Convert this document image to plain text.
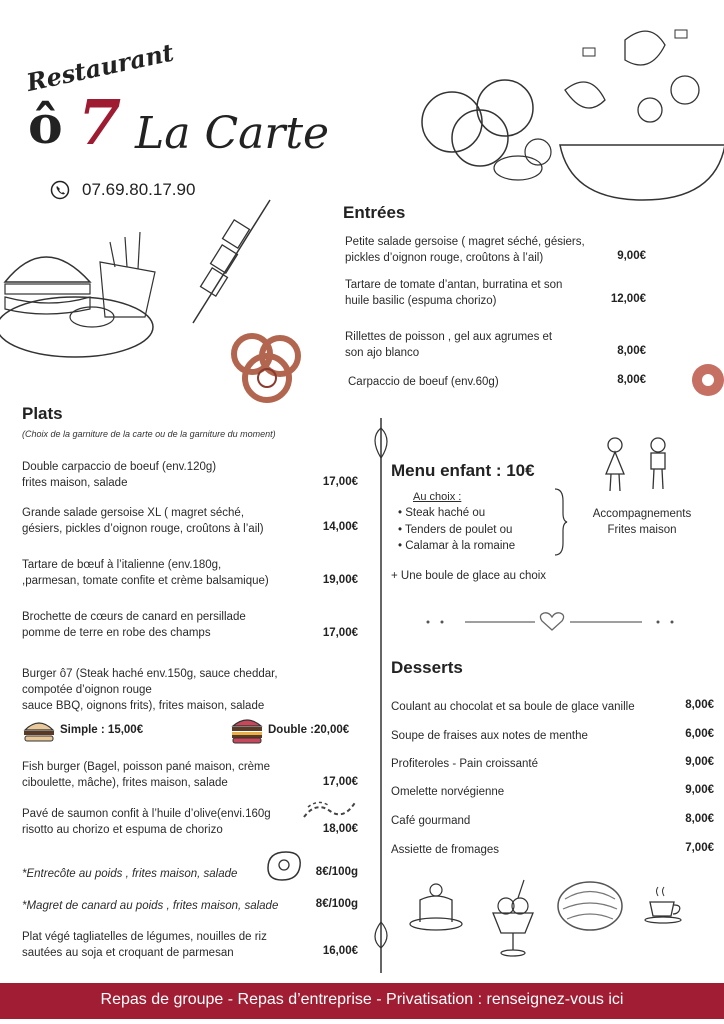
Restaurant
ô 7 La Carte
07.69.80.17.90
Entrées
Petite salade gersoise ( magret séché, gésiers,
pickles d’oignon rouge, croûtons à l’ail)	9,00€
Tartare de tomate d’antan, burratina et son
huile basilic (espuma chorizo)	12,00€
Rillettes de poisson , gel aux agrumes et
son ajo blanco	8,00€
Carpaccio de boeuf (env.60g)	8,00€
Plats
(Choix de la garniture de la carte ou de la garniture du moment)
Double carpaccio de boeuf (env.120g)
frites maison, salade	17,00€
Grande salade gersoise XL ( magret séché,
gésiers, pickles d’oignon rouge, croûtons à l’ail)	14,00€
Tartare de bœuf à l’italienne (env.180g,
,parmesan, tomate confite et crème balsamique)	19,00€
Brochette de cœurs de canard en persillade
pomme de terre en robe des champs	17,00€
Burger ô7 (Steak haché env.150g, sauce cheddar,
compotée d’oignon rouge
sauce BBQ, oignons frits), frites maison, salade
Simple : 15,00€	Double :20,00€
Fish burger (Bagel, poisson pané maison, crème
ciboulette, mâche), frites maison, salade	17,00€
Pavé de saumon confit à l’huile d’olive(envi.160g
risotto au chorizo et espuma de chorizo	18,00€
*Entrecôte au poids , frites maison, salade	8€/100g
*Magret de canard au poids , frites maison, salade	8€/100g
Plat végé tagliatelles de légumes, nouilles de riz
sautées au soja et croquant de parmesan	16,00€
Menu enfant : 10€
Au choix :
• Steak haché ou
• Tenders de poulet ou
• Calamar à la romaine
Accompagnements
Frites maison
+ Une boule de glace au choix
Desserts
Coulant au chocolat et sa boule de glace vanille	8,00€
Soupe de fraises aux notes de menthe	6,00€
Profiteroles - Pain croissanté	9,00€
Omelette norvégienne	9,00€
Café gourmand	8,00€
Assiette de fromages	7,00€
Repas de groupe - Repas d’entreprise - Privatisation : renseignez-vous ici
